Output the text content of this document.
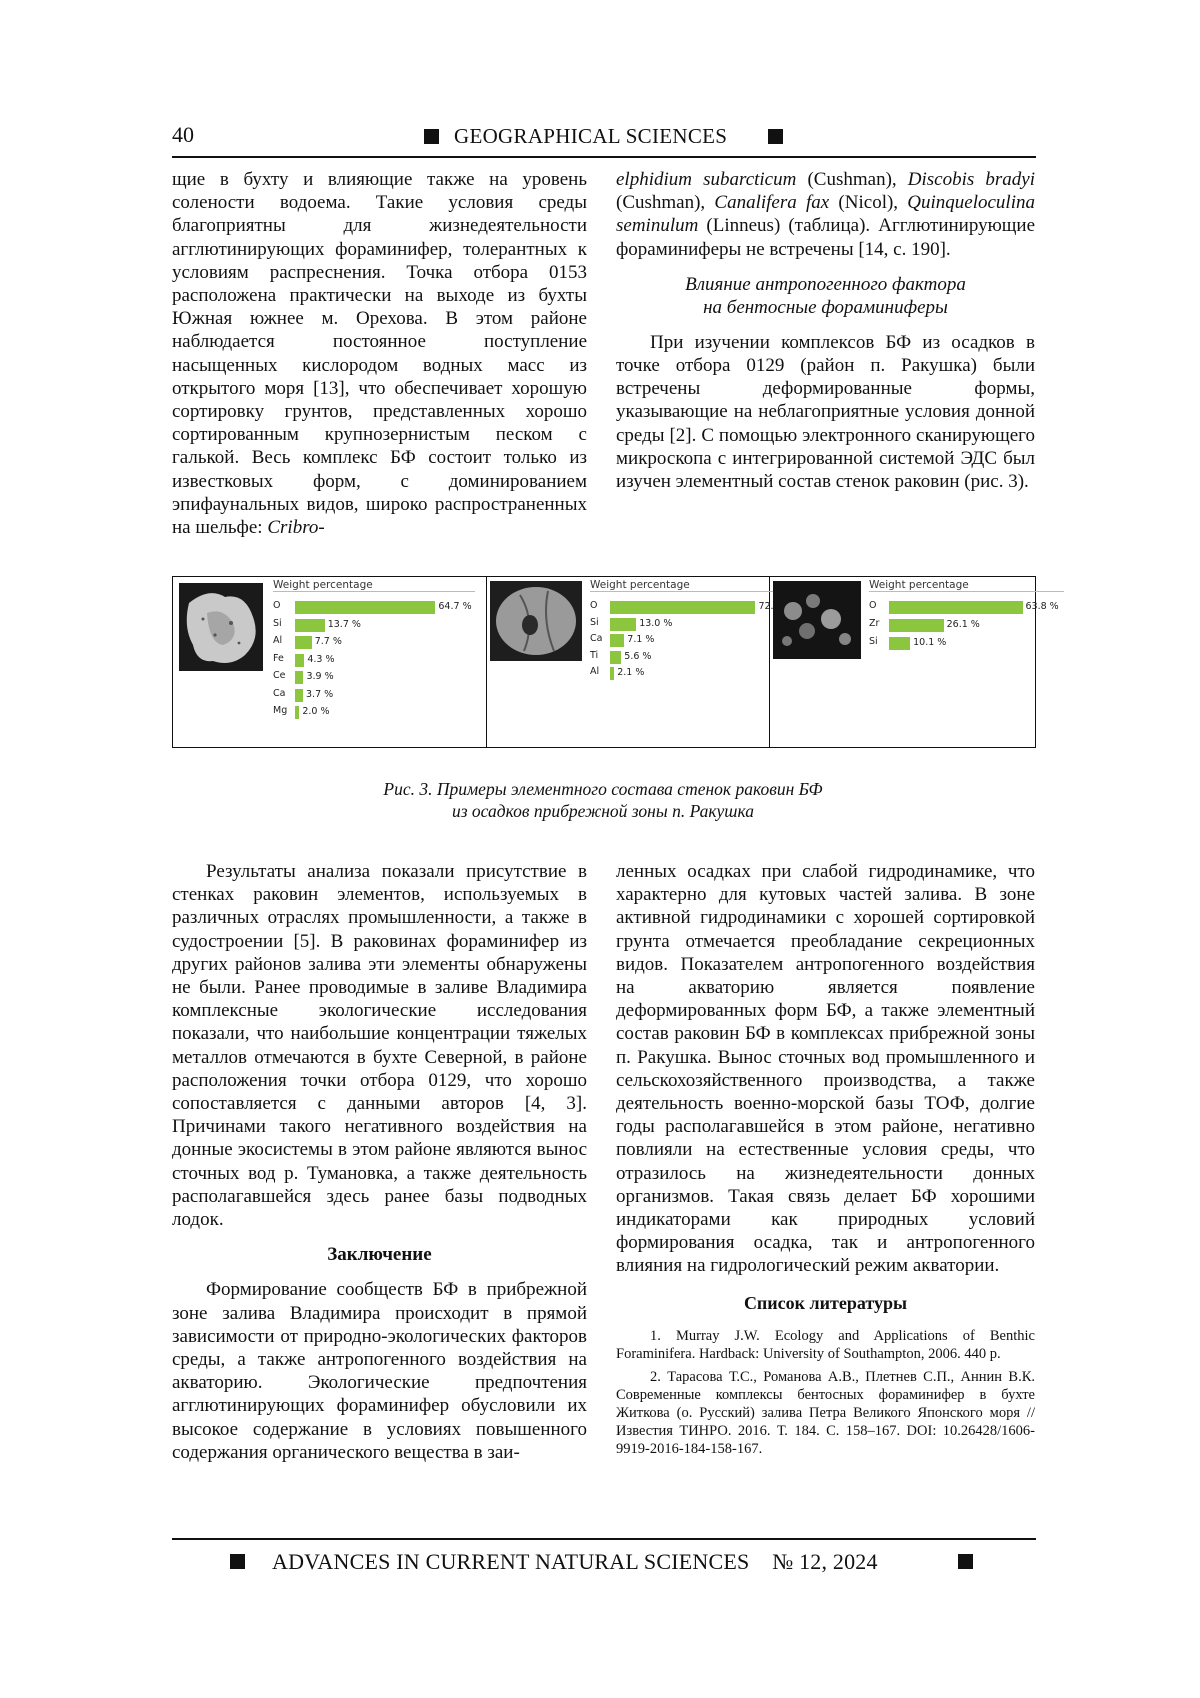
40	GEOGRAPHICAL SCIENCES

щие в бухту и влияющие также на уровень солености водоема. Такие условия среды благоприятны для жизнедеятельности агглютинирующих фораминифер, толерантных к условиям распреснения. Точка отбора 0153 расположена практически на выходе из бухты Южная южнее м. Орехова. В этом районе наблюдается постоянное поступление насыщенных кислородом водных масс из открытого моря [13], что обеспечивает хорошую сортировку грунтов, представленных хорошо сортированным крупнозернистым песком с галькой. Весь комплекс БФ состоит только из известковых форм, с доминированием эпифаунальных видов, широко распространенных на шельфе: Cribro-

elphidium subarcticum (Cushman), Discobis bradyi (Cushman), Canalifera fax (Nicol), Quinqueloculina seminulum (Linneus) (таблица). Агглютинирующие фораминиферы не встречены [14, с. 190].

Влияние антропогенного фактора
на бентосные фораминиферы

При изучении комплексов БФ из осадков в точке отбора 0129 (район п. Ракушка) были встречены деформированные формы, указывающие на неблагоприятные условия донной среды [2]. С помощью электронного сканирующего микроскопа с интегрированной системой ЭДС был изучен элементный состав стенок раковин (рис. 3).

Weight percentage
O	64.7 %
Si	13.7 %
Al	7.7 %
Fe	4.3 %
Ce	3.9 %
Ca	3.7 %
Mg	2.0 %
Weight percentage
O
Si	13.0 %
Ca	7.1 %
Ti	5.6 %
Al	2.1 %
Weight percentage
O	63.8 %
Zr	26.1 %
Si	10.1 %
Рис. 3. Примеры элементного состава стенок раковин БФ
из осадков прибрежной зоны п. Ракушка

Результаты анализа показали присутствие в стенках раковин элементов, используемых в различных отраслях промышленности, а также в судостроении [5]. В раковинах фораминифер из других районов залива эти элементы обнаружены не были. Ранее проводимые в заливе Владимира комплексные экологические исследования показали, что наибольшие концентрации тяжелых металлов отмечаются в бухте Северной, в районе расположения точки отбора 0129, что хорошо сопоставляется с данными авторов [4, 3]. Причинами такого негативного воздействия на донные экосистемы в этом районе являются вынос сточных вод р. Тумановка, а также деятельность располагавшейся здесь ранее базы подводных лодок.

Заключение

Формирование сообществ БФ в прибрежной зоне залива Владимира происходит в прямой зависимости от природно-экологических факторов среды, а также антропогенного воздействия на акваторию. Экологические предпочтения агглютинирующих фораминифер обусловили их высокое содержание в условиях повышенного содержания органического вещества в заи-

ленных осадках при слабой гидродинамике, что характерно для кутовых частей залива. В зоне активной гидродинамики с хорошей сортировкой грунта отмечается преобладание секреционных видов. Показателем антропогенного воздействия на акваторию является появление деформированных форм БФ, а также элементный состав раковин БФ в комплексах прибрежной зоны п. Ракушка. Вынос сточных вод промышленного и сельскохозяйственного производства, а также деятельность военно-морской базы ТОФ, долгие годы располагавшейся в этом районе, негативно повлияли на естественные условия среды, что отразилось на жизнедеятельности донных организмов. Такая связь делает БФ хорошими индикаторами как природных условий формирования осадка, так и антропогенного влияния на гидрологический режим акватории.

Список литературы

1. Murray J.W. Ecology and Applications of Benthic Foraminifera. Hardback: University of Southampton, 2006. 440 p.

2. Тарасова Т.С., Романова А.В., Плетнев С.П., Аннин В.К. Современные комплексы бентосных фораминифер в бухте Житкова (о. Русский) залива Петра Великого Японского моря // Известия ТИНРО. 2016. Т. 184. С. 158–167. DOI: 10.26428/1606-9919-2016-184-158-167.

ADVANCES IN CURRENT NATURAL SCIENCES № 12, 2024
